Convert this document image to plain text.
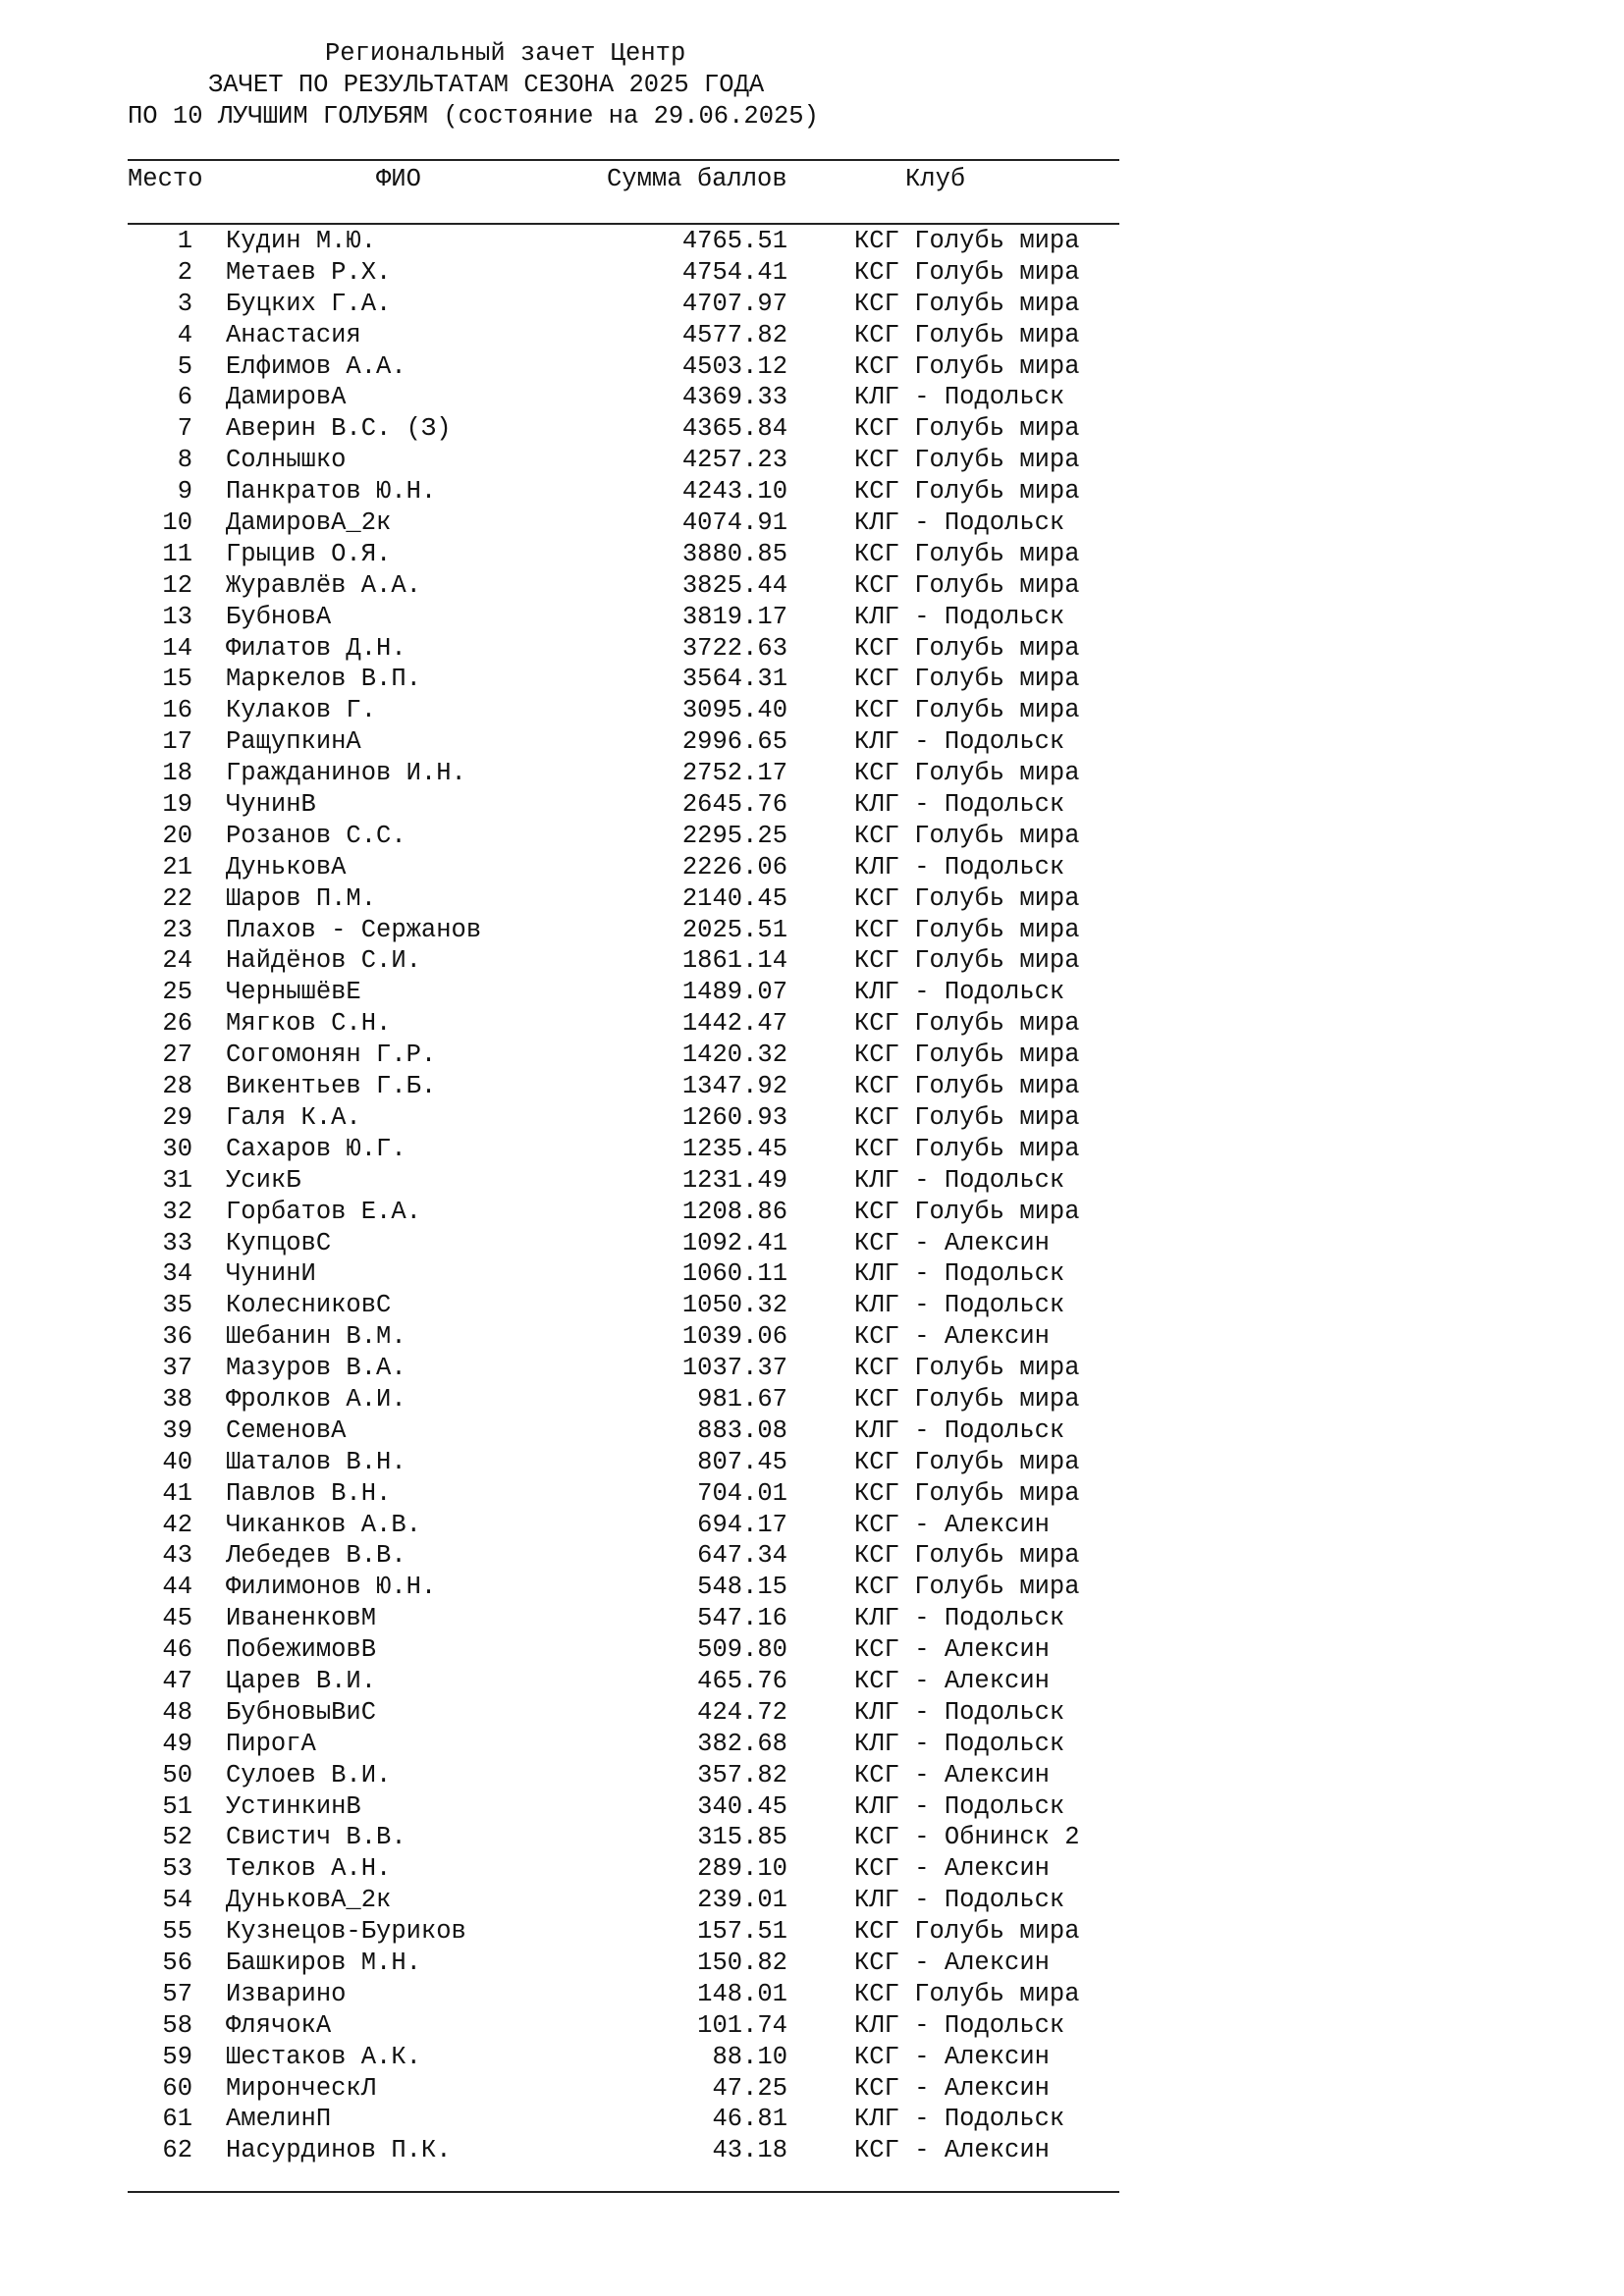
Региональный зачет Центр
ЗАЧЕТ ПО РЕЗУЛЬТАТАМ СЕЗОНА 2025 ГОДА
ПО 10 ЛУЧШИМ ГОЛУБЯМ (состояние на 29.06.2025)
Место	ФИО	Сумма баллов	Клуб
1 Кудин М.Ю.	4765.51	КСГ Голубь мира
2 Метаев Р.Х.	4754.41	КСГ Голубь мира
3 Буцких Г.А.	4707.97	КСГ Голубь мира
4 Анастасия	4577.82	КСГ Голубь мира
5 Елфимов А.А.	4503.12	КСГ Голубь мира
6 ДамировА	4369.33	КЛГ - Подольск
7 Аверин В.С. (З)	4365.84	КСГ Голубь мира
8 Солнышко	4257.23	КСГ Голубь мира
9 Панкратов Ю.Н.	4243.10	КСГ Голубь мира
10 ДамировА_2к	4074.91	КЛГ - Подольск
11 Грыцив О.Я.	3880.85	КСГ Голубь мира
12 Журавлёв А.А.	3825.44	КСГ Голубь мира
13 БубновА	3819.17	КЛГ - Подольск
14 Филатов Д.Н.	3722.63	КСГ Голубь мира
15 Маркелов В.П.	3564.31	КСГ Голубь мира
16 Кулаков Г.	3095.40	КСГ Голубь мира
17 РащупкинА	2996.65	КЛГ - Подольск
18 Гражданинов И.Н.	2752.17	КСГ Голубь мира
19 ЧунинВ	2645.76	КЛГ - Подольск
20 Розанов С.С.	2295.25	КСГ Голубь мира
21 ДуньковА	2226.06	КЛГ - Подольск
22 Шаров П.М.	2140.45	КСГ Голубь мира
23 Плахов - Сержанов	2025.51	КСГ Голубь мира
24 Найдёнов С.И.	1861.14	КСГ Голубь мира
25 ЧернышёвЕ	1489.07	КЛГ - Подольск
26 Мягков С.Н.	1442.47	КСГ Голубь мира
27 Согомонян Г.Р.	1420.32	КСГ Голубь мира
28 Викентьев Г.Б.	1347.92	КСГ Голубь мира
29 Галя К.А.	1260.93	КСГ Голубь мира
30 Сахаров Ю.Г.	1235.45	КСГ Голубь мира
31 УсикБ	1231.49	КЛГ - Подольск
32 Горбатов Е.А.	1208.86	КСГ Голубь мира
33 КупцовС	1092.41	КСГ - Алексин
34 ЧунинИ	1060.11	КЛГ - Подольск
35 КолесниковС	1050.32	КЛГ - Подольск
36 Шебанин В.М.	1039.06	КСГ - Алексин
37 Мазуров В.А.	1037.37	КСГ Голубь мира
38 Фролков А.И.	981.67	КСГ Голубь мира
39 СеменовА	883.08	КЛГ - Подольск
40 Шаталов В.Н.	807.45	КСГ Голубь мира
41 Павлов В.Н.	704.01	КСГ Голубь мира
42 Чиканков А.В.	694.17	КСГ - Алексин
43 Лебедев В.В.	647.34	КСГ Голубь мира
44 Филимонов Ю.Н.	548.15	КСГ Голубь мира
45 ИваненковМ	547.16	КЛГ - Подольск
46 ПобежимовВ	509.80	КСГ - Алексин
47 Царев В.И.	465.76	КСГ - Алексин
48 БубновыВиС	424.72	КЛГ - Подольск
49 ПирогА	382.68	КЛГ - Подольск
50 Сулоев В.И.	357.82	КСГ - Алексин
51 УстинкинВ	340.45	КЛГ - Подольск
52 Свистич В.В.	315.85	КСГ - Обнинск 2
53 Телков А.Н.	289.10	КСГ - Алексин
54 ДуньковА_2к	239.01	КЛГ - Подольск
55 Кузнецов-Буриков	157.51	КСГ Голубь мира
56 Башкиров М.Н.	150.82	КСГ - Алексин
57 Изварино	148.01	КСГ Голубь мира
58 ФлячокА	101.74	КЛГ - Подольск
59 Шестаков А.К.	88.10	КСГ - Алексин
60 МиронческЛ	47.25	КСГ - Алексин
61 АмелинП	46.81	КЛГ - Подольск
62 Насурдинов П.К.	43.18	КСГ - Алексин
